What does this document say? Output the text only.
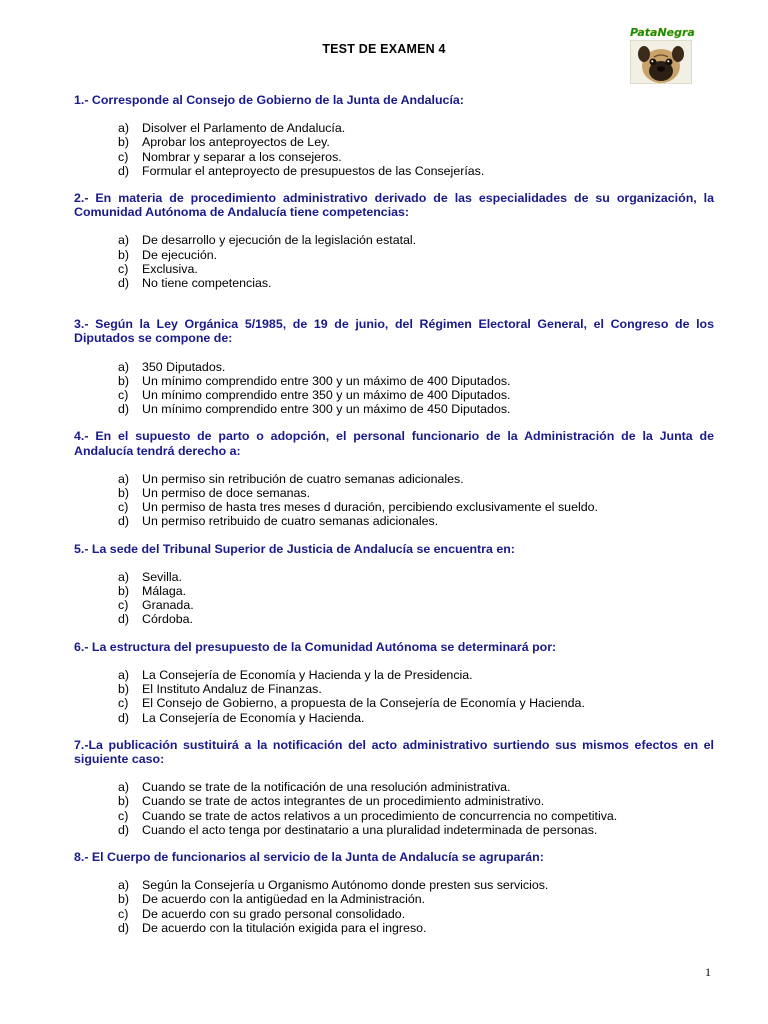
TEST DE EXAMEN 4
PataNegra
1.- Corresponde al Consejo de Gobierno de la Junta de Andalucía:
a) Disolver el Parlamento de Andalucía.
b) Aprobar los anteproyectos de Ley.
c) Nombrar y separar a los consejeros.
d) Formular el anteproyecto de presupuestos de las Consejerías.
2.- En materia de procedimiento administrativo derivado de las especialidades de su organización, la Comunidad Autónoma de Andalucía tiene competencias:
a) De desarrollo y ejecución de la legislación estatal.
b) De ejecución.
c) Exclusiva.
d) No tiene competencias.
3.- Según la Ley Orgánica 5/1985, de 19 de junio, del Régimen Electoral General, el Congreso de los Diputados se compone de:
a) 350 Diputados.
b) Un mínimo comprendido entre 300 y un máximo de 400 Diputados.
c) Un mínimo comprendido entre 350 y un máximo de 400 Diputados.
d) Un mínimo comprendido entre 300 y un máximo de 450 Diputados.
4.- En el supuesto de parto o adopción, el personal funcionario de la Administración de la Junta de Andalucía tendrá derecho a:
a) Un permiso sin retribución de cuatro semanas adicionales.
b) Un permiso de doce semanas.
c) Un permiso de hasta tres meses d duración, percibiendo exclusivamente el sueldo.
d) Un permiso retribuido de cuatro semanas adicionales.
5.- La sede del Tribunal Superior de Justicia de Andalucía se encuentra en:
a) Sevilla.
b) Málaga.
c) Granada.
d) Córdoba.
6.- La estructura del presupuesto de la Comunidad Autónoma se determinará por:
a) La Consejería de Economía y Hacienda y la de Presidencia.
b) El Instituto Andaluz de Finanzas.
c) El Consejo de Gobierno, a propuesta de la Consejería de Economía y Hacienda.
d) La Consejería de Economía y Hacienda.
7.-La publicación sustituirá a la notificación del acto administrativo surtiendo sus mismos efectos en el siguiente caso:
a) Cuando se trate de la notificación de una resolución administrativa.
b) Cuando se trate de actos integrantes de un procedimiento administrativo.
c) Cuando se trate de actos relativos a un procedimiento de concurrencia no competitiva.
d) Cuando el acto tenga por destinatario a una pluralidad indeterminada de personas.
8.- El Cuerpo de funcionarios al servicio de la Junta de Andalucía se agruparán:
a) Según la Consejería u Organismo Autónomo donde presten sus servicios.
b) De acuerdo con la antigüedad en la Administración.
c) De acuerdo con su grado personal consolidado.
d) De acuerdo con la titulación exigida para el ingreso.
1
